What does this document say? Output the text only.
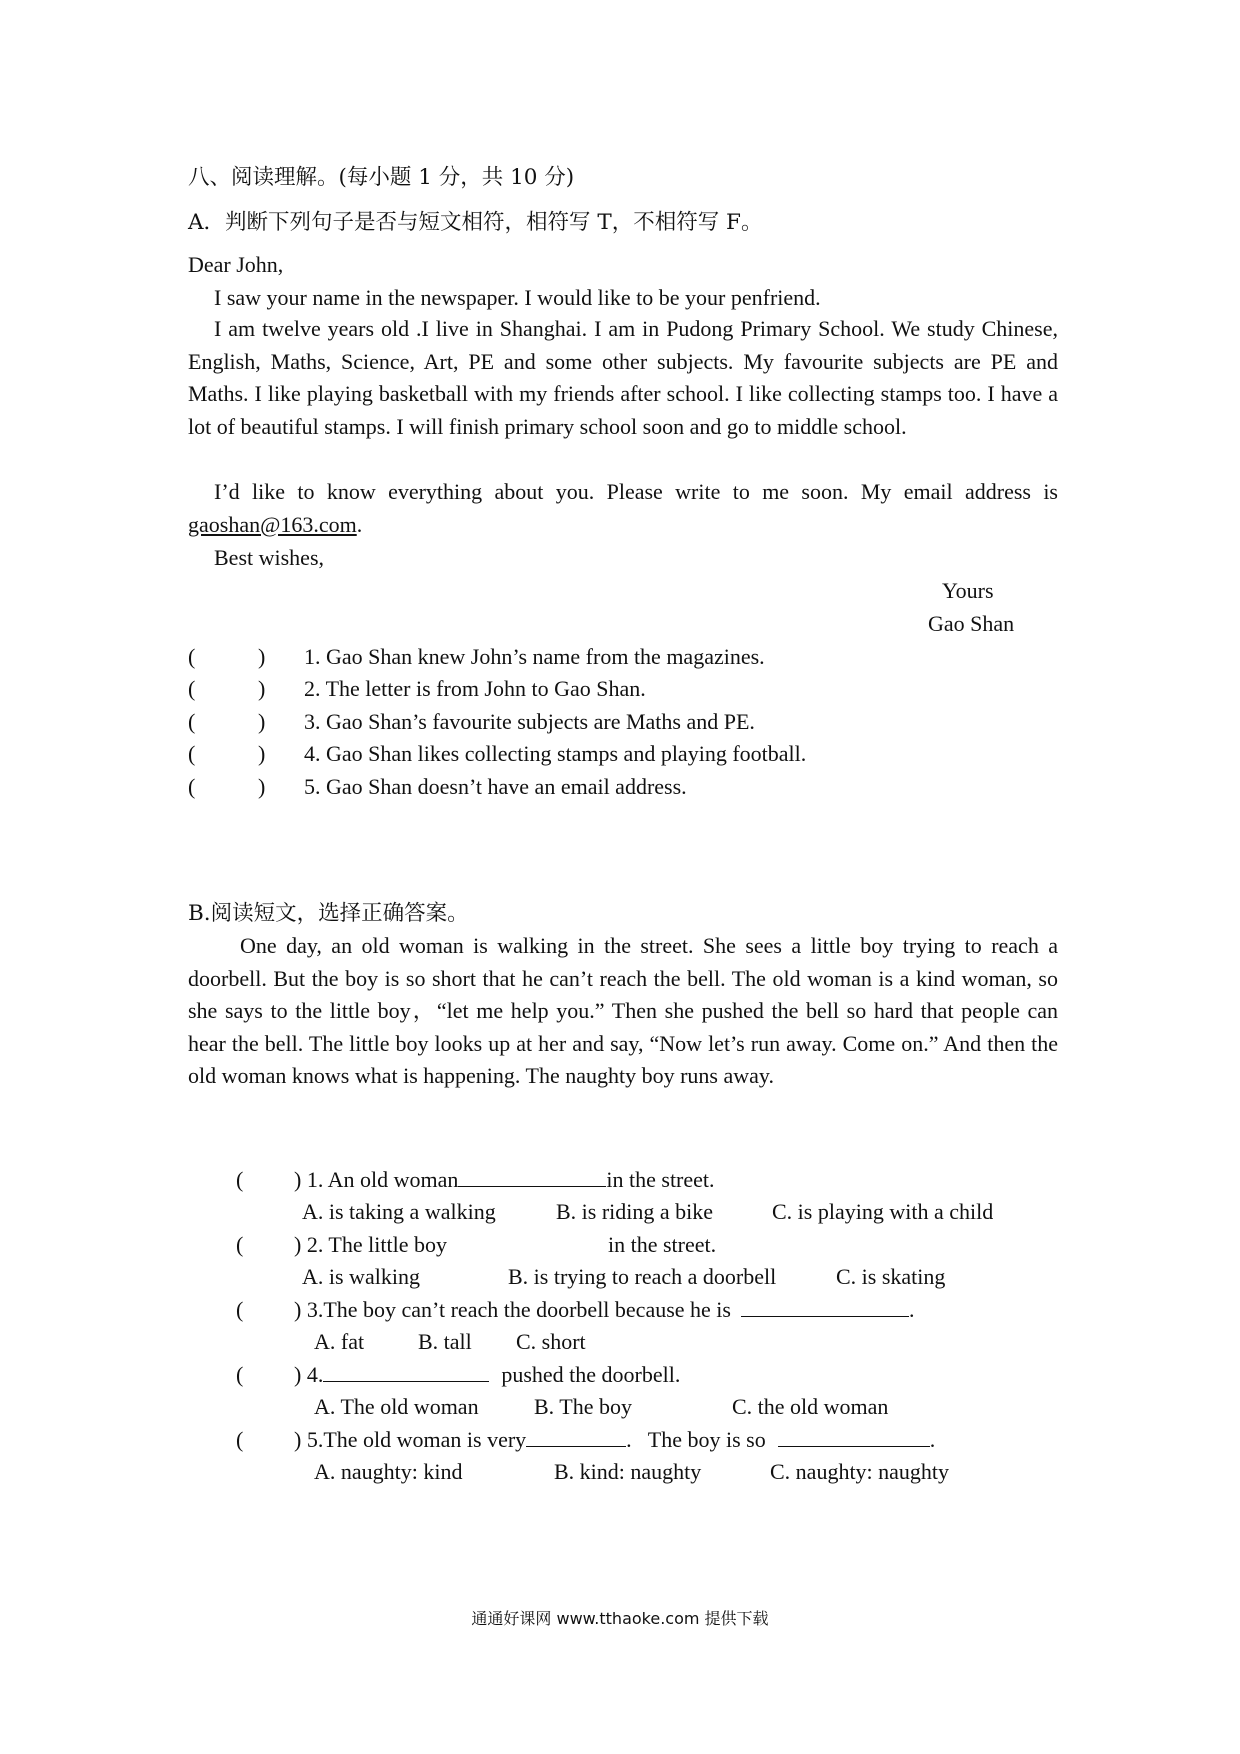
八、阅读理解。(每小题 1 分，共 10 分)
A．判断下列句子是否与短文相符，相符写 T，不相符写 F。
Dear John,
I saw your name in the newspaper. I would like to be your penfriend.

I am twelve years old .I live in Shanghai. I am in Pudong Primary School. We study Chinese, English, Maths, Science, Art, PE and some other subjects. My favourite subjects are PE and Maths. I like playing basketball with my friends after school. I like collecting stamps too. I have a lot of beautiful stamps. I will finish primary school soon and go to middle school.

I’d like to know everything about you. Please write to me soon. My email address is gaoshan@163.com.

Best wishes,
Yours
Gao Shan
(	) 1. Gao Shan knew John’s name from the magazines.
(	) 2. The letter is from John to Gao Shan.
(	) 3. Gao Shan’s favourite subjects are Maths and PE.
(	) 4. Gao Shan likes collecting stamps and playing football.
(	) 5. Gao Shan doesn’t have an email address.
B.阅读短文，选择正确答案。

One day, an old woman is walking in the street. She sees a little boy trying to reach a doorbell. But the boy is so short that he can’t reach the bell. The old woman is a kind woman, so she says to the little boy，“let me help you.” Then she pushed the bell so hard that people can hear the bell. The little boy looks up at her and say, “Now let’s run away. Come on.” And then the old woman knows what is happening. The naughty boy runs away.

( ) 1. An old woman	in the street.
A. is taking a walking	B. is riding a bike	C. is playing with a child
( ) 2. The little boy	in the street.
A. is walking	B. is trying to reach a doorbell	C. is skating
( ) 3.The boy can’t reach the doorbell because he is	.
A. fat B. tall C. short
( ) 4.	pushed the doorbell.
A. The old woman	B. The boy	C. the old woman
( ) 5.The old woman is very	.   The boy is so	.
A. naughty: kind	B. kind: naughty	C. naughty: naughty
通通好课网 www.tthaoke.com 提供下载
